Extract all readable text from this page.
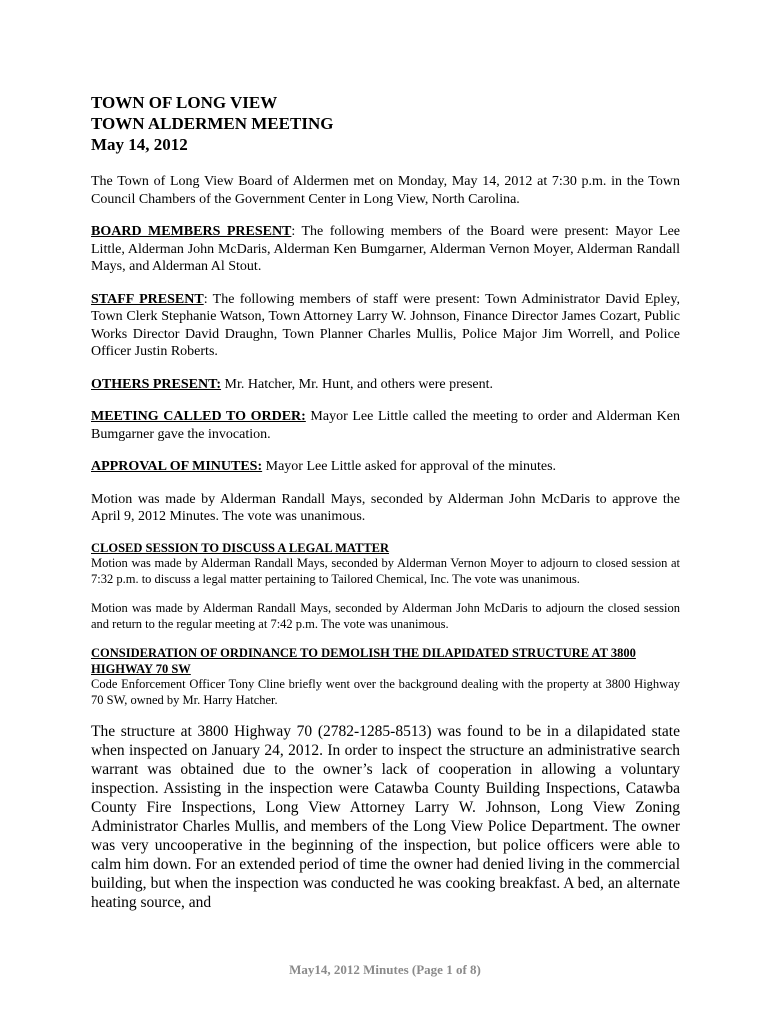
TOWN OF LONG VIEW
TOWN ALDERMEN MEETING
May 14, 2012

The Town of Long View Board of Aldermen met on Monday, May 14, 2012 at 7:30 p.m. in the Town Council Chambers of the Government Center in Long View, North Carolina.

BOARD MEMBERS PRESENT: The following members of the Board were present: Mayor Lee Little, Alderman John McDaris, Alderman Ken Bumgarner, Alderman Vernon Moyer, Alderman Randall Mays, and Alderman Al Stout.

STAFF PRESENT: The following members of staff were present: Town Administrator David Epley, Town Clerk Stephanie Watson, Town Attorney Larry W. Johnson, Finance Director James Cozart, Public Works Director David Draughn, Town Planner Charles Mullis, Police Major Jim Worrell, and Police Officer Justin Roberts.

OTHERS PRESENT: Mr. Hatcher, Mr. Hunt, and others were present.

MEETING CALLED TO ORDER: Mayor Lee Little called the meeting to order and Alderman Ken Bumgarner gave the invocation.

APPROVAL OF MINUTES: Mayor Lee Little asked for approval of the minutes.

Motion was made by Alderman Randall Mays, seconded by Alderman John McDaris to approve the April 9, 2012 Minutes. The vote was unanimous.

CLOSED SESSION TO DISCUSS A LEGAL MATTER

Motion was made by Alderman Randall Mays, seconded by Alderman Vernon Moyer to adjourn to closed session at 7:32 p.m. to discuss a legal matter pertaining to Tailored Chemical, Inc. The vote was unanimous.

Motion was made by Alderman Randall Mays, seconded by Alderman John McDaris to adjourn the closed session and return to the regular meeting at 7:42 p.m. The vote was unanimous.

CONSIDERATION OF ORDINANCE TO DEMOLISH THE DILAPIDATED STRUCTURE AT 3800 HIGHWAY 70 SW

Code Enforcement Officer Tony Cline briefly went over the background dealing with the property at 3800 Highway 70 SW, owned by Mr. Harry Hatcher.

The structure at 3800 Highway 70 (2782-1285-8513) was found to be in a dilapidated state when inspected on January 24, 2012. In order to inspect the structure an administrative search warrant was obtained due to the owner’s lack of cooperation in allowing a voluntary inspection. Assisting in the inspection were Catawba County Building Inspections, Catawba County Fire Inspections, Long View Attorney Larry W. Johnson, Long View Zoning Administrator Charles Mullis, and members of the Long View Police Department. The owner was very uncooperative in the beginning of the inspection, but police officers were able to calm him down. For an extended period of time the owner had denied living in the commercial building, but when the inspection was conducted he was cooking breakfast. A bed, an alternate heating source, and

May14, 2012 Minutes (Page 1 of 8)
